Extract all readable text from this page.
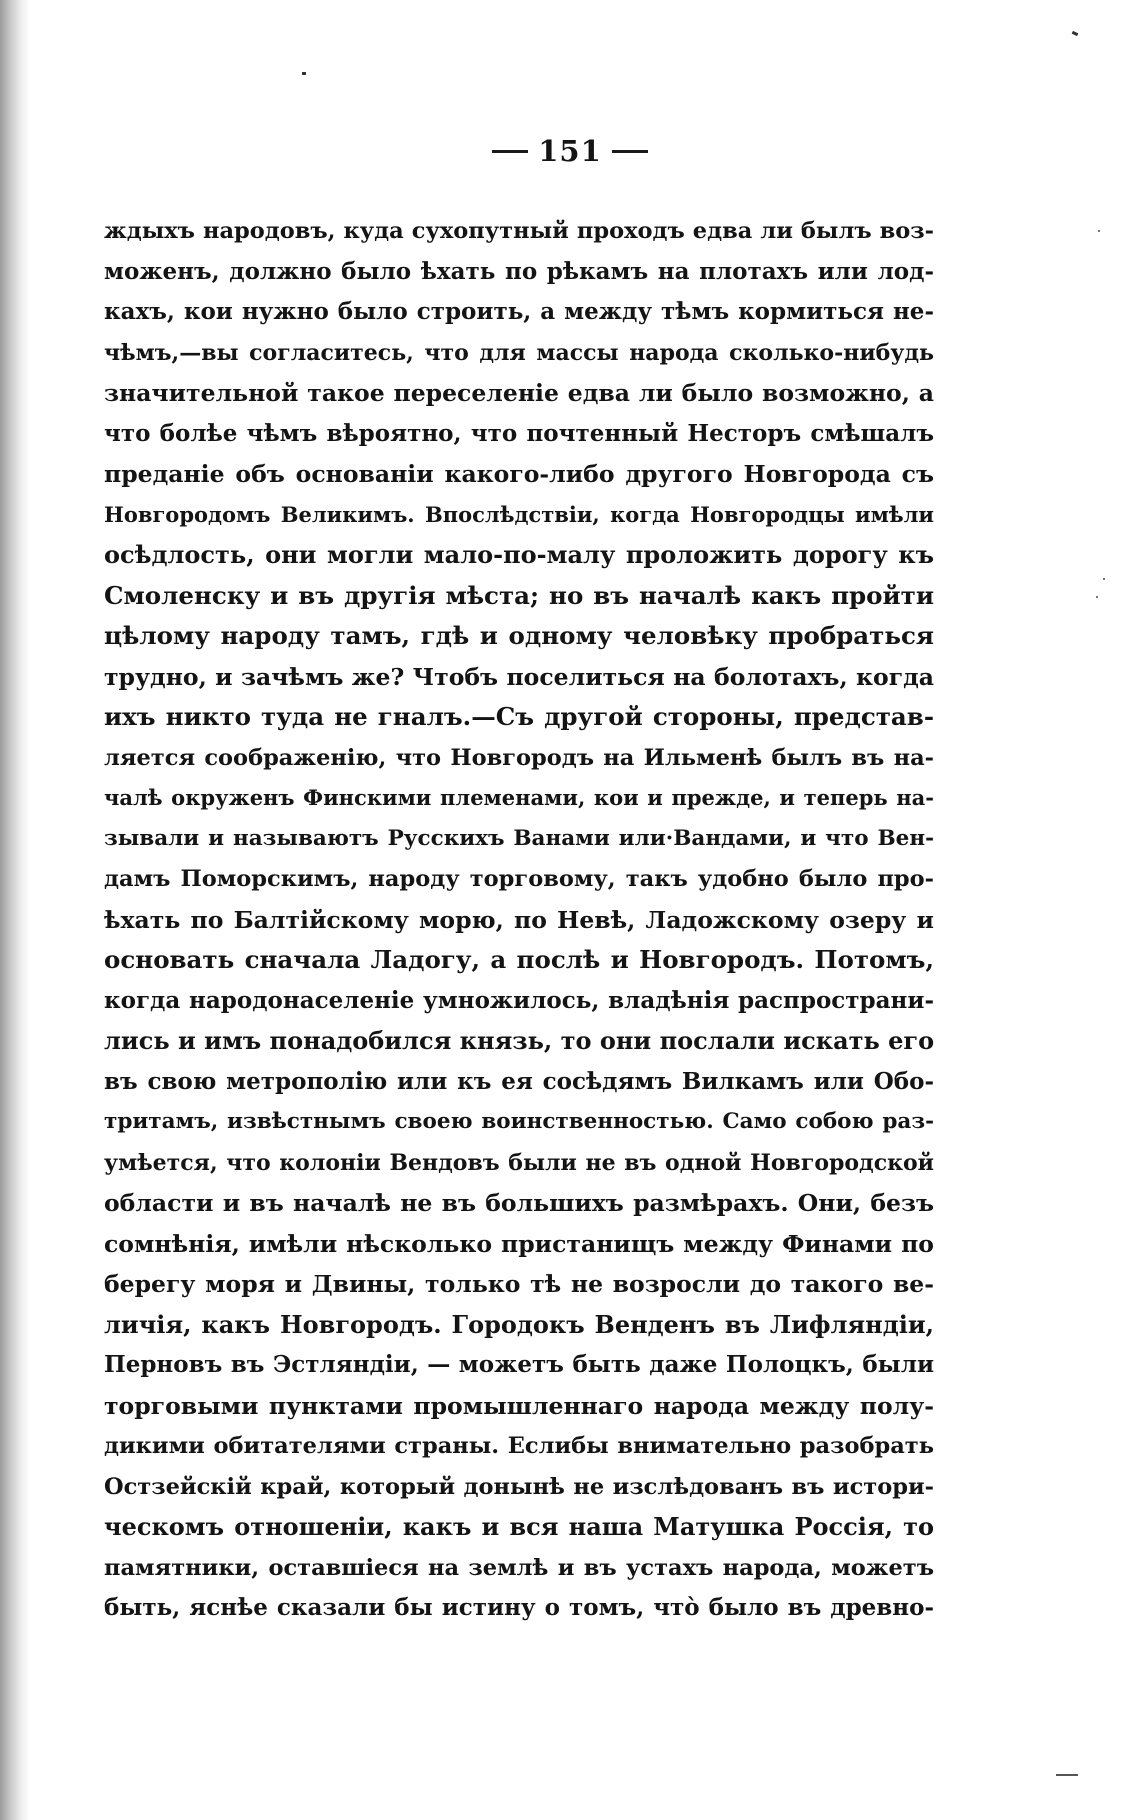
151
ждыхъ народовъ, куда сухопутный проходъ едва ли былъ воз-
моженъ, должно было ѣхать по рѣкамъ на плотахъ или лод-
кахъ, кои нужно было строить, а между тѣмъ кормиться не-
чѣмъ,—вы согласитесь, что для массы народа сколько-нибудь
значительной такое переселенiе едва ли было возможно, а
что болѣе чѣмъ вѣроятно, что почтенный Несторъ смѣшалъ
преданiе объ основанiи какого-либо другого Новгорода съ
Новгородомъ Великимъ. Впослѣдствiи, когда Новгородцы имѣли
осѣдлость, они могли мало-по-малу проложить дорогу къ
Смоленску и въ другiя мѣста; но въ началѣ какъ пройти
цѣлому народу тамъ, гдѣ и одному человѣку пробраться
трудно, и зачѣмъ же? Чтобъ поселиться на болотахъ, когда
ихъ никто туда не гналъ.—Съ другой стороны, представ-
ляется соображенiю, что Новгородъ на Ильменѣ былъ въ на-
чалѣ окруженъ Финскими племенами, кои и прежде, и теперь на-
зывали и называютъ Русскихъ Ванами или·Вандами, и что Вен-
дамъ Поморскимъ, народу торговому, такъ удобно было про-
ѣхать по Балтiйскому морю, по Невѣ, Ладожскому озеру и
основать сначала Ладогу, а послѣ и Новгородъ. Потомъ,
когда народонаселенiе умножилось, владѣнiя распространи-
лись и имъ понадобился князь, то они послали искать его
въ свою метрополiю или къ ея сосѣдямъ Вилкамъ или Обо-
тритамъ, извѣстнымъ своею воинственностью. Само собою раз-
умѣется, что колонiи Вендовъ были не въ одной Новгородской
области и въ началѣ не въ большихъ размѣрахъ. Они, безъ
сомнѣнiя, имѣли нѣсколько пристанищъ между Финами по
берегу моря и Двины, только тѣ не возросли до такого ве-
личiя, какъ Новгородъ. Городокъ Венденъ въ Лифляндiи,
Перновъ въ Эстляндiи, — можетъ быть даже Полоцкъ, были
торговыми пунктами промышленнаго народа между полу-
дикими обитателями страны. Еслибы внимательно разобрать
Остзейскiй край, который донынѣ не изслѣдованъ въ истори-
ческомъ отношенiи, какъ и вся наша Матушка Россiя, то
памятники, оставшiеся на землѣ и въ устахъ народа, можетъ
быть, яснѣе сказали бы истину о томъ, что̀ было въ древно-
